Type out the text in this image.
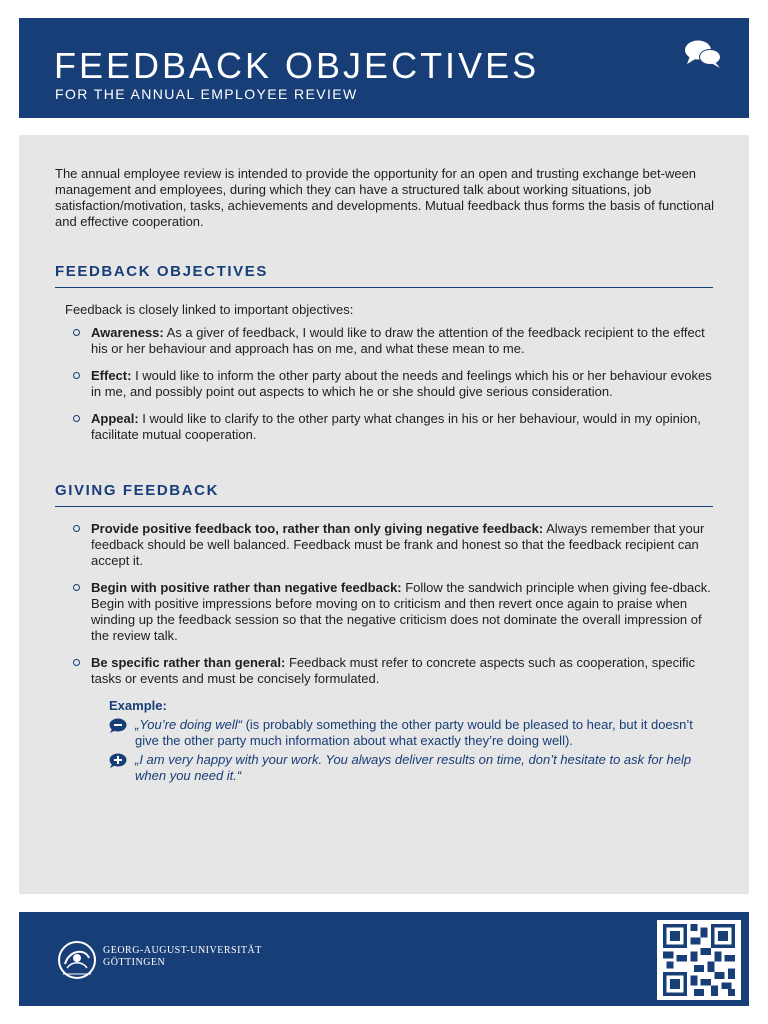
FEEDBACK OBJECTIVES
FOR THE ANNUAL EMPLOYEE REVIEW

The annual employee review is intended to provide the opportunity for an open and trusting exchange bet-ween management and employees, during which they can have a structured talk about working situations, job satisfaction/motivation, tasks, achievements and developments. Mutual feedback thus forms the basis of functional and effective cooperation.

FEEDBACK OBJECTIVES

Feedback is closely linked to important objectives:

Awareness: As a giver of feedback, I would like to draw the attention of the feedback recipient to the effect his or her behaviour and approach has on me, and what these mean to me.
Effect: I would like to inform the other party about the needs and feelings which his or her behaviour evokes in me, and possibly point out aspects to which he or she should give serious consideration.
Appeal: I would like to clarify to the other party what changes in his or her behaviour, would in my opinion, facilitate mutual cooperation.
GIVING FEEDBACK
Provide positive feedback too, rather than only giving negative feedback: Always remember that your feedback should be well balanced. Feedback must be frank and honest so that the feedback recipient can accept it.
Begin with positive rather than negative feedback: Follow the sandwich principle when giving fee-dback. Begin with positive impressions before moving on to criticism and then revert once again to praise when winding up the feedback session so that the negative criticism does not dominate the overall impression of the review talk.
Be specific rather than general: Feedback must refer to concrete aspects such as cooperation, specific tasks or events and must be concisely formulated.
Example:
„You’re doing well“ (is probably something the other party would be pleased to hear, but it doesn’t give the other party much information about what exactly they’re doing well).
„I am very happy with your work. You always deliver results on time, don’t hesitate to ask for help when you need it.“
GEORG-AUGUST-UNIVERSITÄT
GÖTTINGEN
